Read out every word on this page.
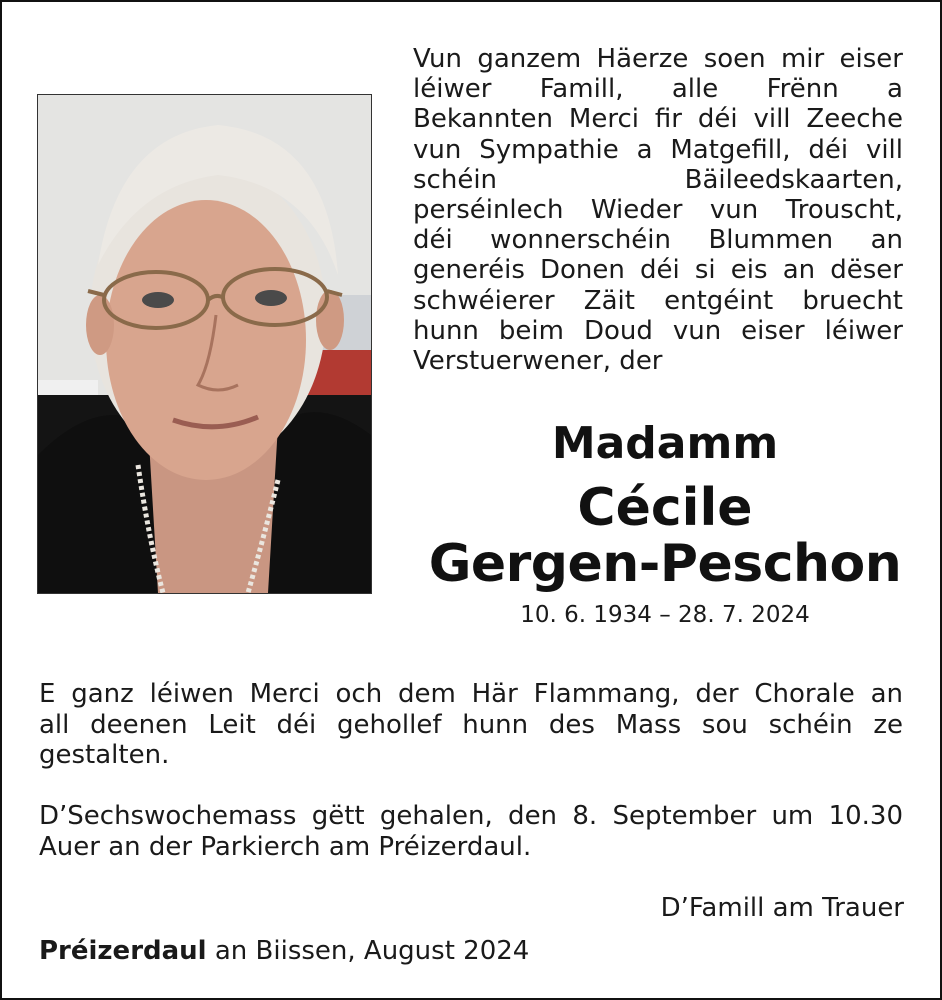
Vun ganzem Häerze soen mir eiser
léiwer Famill, alle Frënn a
Bekannten Merci fir déi vill Zeeche
vun Sympathie a Matgefill, déi vill
schéin Bäileedskaarten,
perséinlech Wieder vun Trouscht,
déi wonnerschéin Blummen an
generéis Donen déi si eis an dëser
schwéierer Zäit entgéint bruecht
hunn beim Doud vun eiser léiwer
Verstuerwener, der
Madamm
Cécile
Gergen-Peschon
10. 6. 1934 – 28. 7. 2024
E ganz léiwen Merci och dem Här Flammang, der Chorale an
all deenen Leit déi gehollef hunn des Mass sou schéin ze
gestalten.
D’Sechswochemass gëtt gehalen, den 8. September um 10.30
Auer an der Parkierch am Préizerdaul.
D’Famill am Trauer
Préizerdaul an Biissen, August 2024
